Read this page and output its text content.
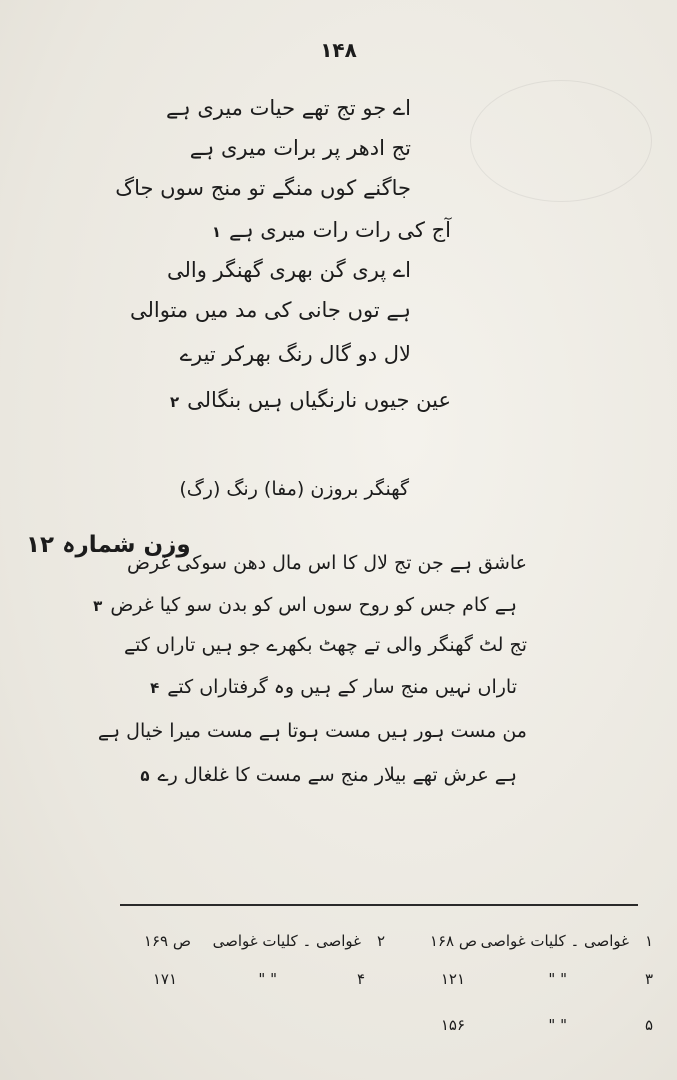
۱۴۸
اے جو تج تھے حیات میری ہے
تج ادھر پر برات میری ہے
جاگنے کوں منگے تو منج سوں جاگ
آج کی رات رات میری ہے۱
اے پری گن بھری گھنگر والی
ہے توں جانی کی مد میں متوالی
لال دو گال رنگ بھرکر تیرے
عین جیوں نارنگیاں ہیں بنگالی۲
گھنگر بروزن (مفا) رنگ (رگ)
وزن شمارہ ۱۲
عاشق ہے جن تج لال کا اس مال دھن سوکی غرض
ہے کام جس کو روح سوں اس کو بدن سو کیا غرض۳
تج لٹ گھنگر والی تے چھٹ بکھرے جو ہیں تاراں کتے
تاراں نہیں منج سار کے ہیں وہ گرفتاراں کتے۴
من مست ہور ہیں مست ہوتا ہے مست میرا خیال ہے
ہے عرش تھے بیلار منج سے مست کا غلغال رے۵
۱
غواصی ۔ کلیات غواصی
ص ۱۶۸
۲
غواصی ۔ کلیات غواصی
ص ۱۶۹
۳
" "
۱۲۱
۴
" "
۱۷۱
۵
" "
۱۵۶
